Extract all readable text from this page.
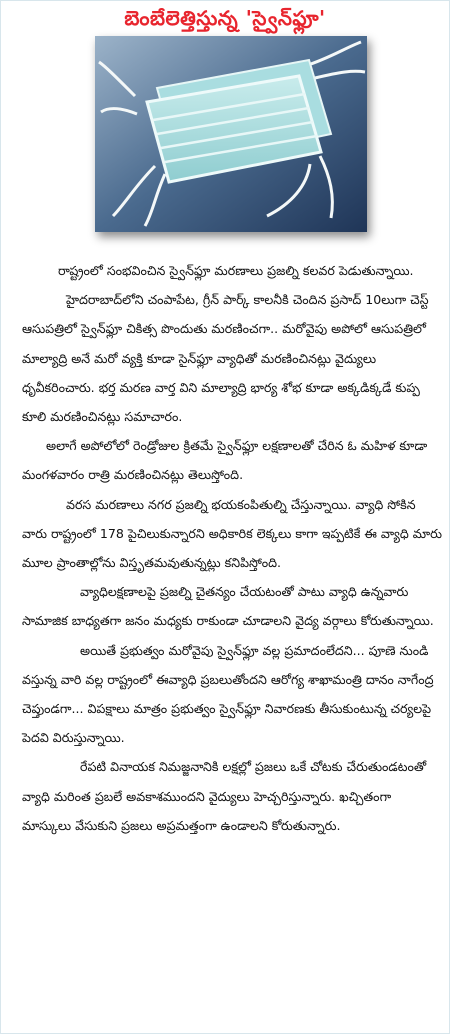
బెంబేలెత్తిస్తున్న 'స్వైన్‌ఫ్లూ'

రాష్ట్రంలో సంభవించిన స్వైన్‌ఫ్లూ మరణాలు ప్రజల్ని కలవర పెడుతున్నాయి.

హైదరాబాద్‌లోని చంపాపేట, గ్రీన్ పార్క్ కాలనీకి చెందిన ప్రసాద్ 10లుగా చెస్ట్ ఆసుపత్రిలో స్వైన్‌ఫ్లూ చికిత్స పొందుతు మరణించగా.. మరోవైపు అపోలో ఆసుపత్రిలో మాల్యాద్రి అనే మరో వ్యక్తి కూడా సైన్‌ఫ్లూ వ్యాధితో మరణించినట్లు వైద్యులు ధృవీకరించారు. భర్త మరణ వార్త విని మాల్యాద్రి భార్య శోభ కూడా అక్కడిక్కడే కుప్ప కూలి మరణించినట్లు సమాచారం.

అలాగే అపోలోలో రెండ్రోజుల క్రితమే స్వైన్‌ఫ్లూ లక్షణాలతో చేరిన ఓ మహిళ కూడా మంగళవారం రాత్రి మరణించినట్లు తెలుస్తోంది.

వరస మరణాలు నగర ప్రజల్ని భయకంపితుల్ని చేస్తున్నాయి. వ్యాధి సోకిన వారు రాష్ట్రంలో 178 పైచిలుకున్నారని అధికారిక లెక్కలు కాగా ఇప్పటికే ఈ వ్యాధి మారు మూల ప్రాంతాల్లోను విస్తృతమవుతున్నట్లు కనిపిస్తోంది.

వ్యాధిలక్షణాలపై ప్రజల్ని చైతన్యం చేయటంతో పాటు వ్యాధి ఉన్నవారు సామాజిక బాధ్యతగా జనం మధ్యకు రాకుండా చూడాలని వైద్య వర్గాలు కోరుతున్నాయి.

అయితే ప్రభుత్వం మరోవైపు స్వైన్‌ఫ్లూ వల్ల ప్రమాదంలేదని... పూణె నుండి వస్తున్న వారి వల్ల రాష్ట్రంలో ఈవ్యాధి ప్రబలుతోందని ఆరోగ్య శాఖామంత్రి దానం నాగేంద్ర చెప్తుండగా... విపక్షాలు మాత్రం ప్రభుత్వం స్వైన్‌ఫ్లూ నివారణకు తీసుకుంటున్న చర్యలపై పెదవి విరుస్తున్నాయి.

రేపటి వినాయక నిమజ్జనానికి లక్షల్లో ప్రజలు ఒకే చోటకు చేరుతుండటంతో వ్యాధి మరింత ప్రబలే అవకాశముందని వైద్యులు హెచ్చరిస్తున్నారు. ఖచ్చితంగా మాస్కులు వేసుకుని ప్రజలు అప్రమత్తంగా ఉండాలని కోరుతున్నారు.
